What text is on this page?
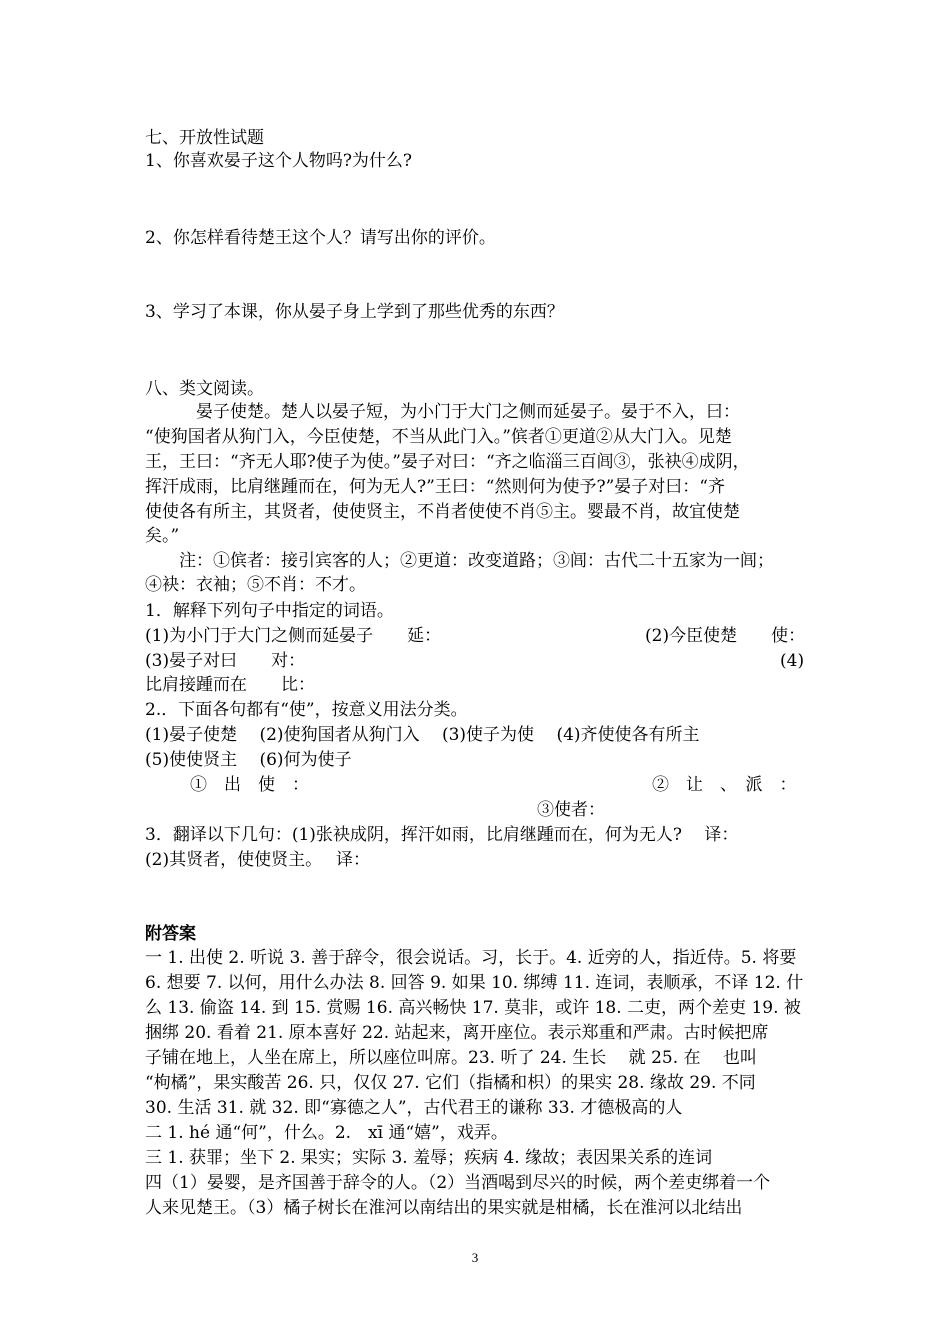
七、开放性试题
1、你喜欢晏子这个人物吗?为什么?
2、你怎样看待楚王这个人？请写出你的评价。
3、学习了本课，你从晏子身上学到了那些优秀的东西？
八、类文阅读。
　　　晏子使楚。楚人以晏子短，为小门于大门之侧而延晏子。晏于不入，曰：
“使狗国者从狗门入，今臣使楚，不当从此门入。”傧者①更道②从大门入。见楚
王，王曰：“齐无人耶?使子为使。”晏子对曰：“齐之临淄三百闾③，张袂④成阴，
挥汗成雨，比肩继踵而在，何为无人?”王曰：“然则何为使予?”晏子对曰：“齐
使使各有所主，其贤者，使使贤主，不肖者使使不肖⑤主。婴最不肖，故宜使楚
矣。”
　　注：①傧者：接引宾客的人；②更道：改变道路；③闾：古代二十五家为一闾；
④袂：衣袖；⑤不肖：不才。
1．解释下列句子中指定的词语。
(1)为小门于大门之侧而延晏子　　延：	(2)今臣使楚　　使：
(3)晏子对曰　　对：	(4)
比肩接踵而在　　比：
2.．下面各句都有“使”，按意义用法分类。
(1)晏子使楚　 (2)使狗国者从狗门入　 (3)使子为使　 (4)齐使使各有所主
(5)使使贤主　 (6)何为使子
①　出　使　：	②　让　、　派　：
③使者：
3．翻译以下几句：(1)张袂成阴，挥汗如雨，比肩继踵而在，何为无人?　 译：
(2)其贤者，使使贤主。　 译：
附答案
一 1. 出使 2. 听说 3. 善于辞令，很会说话。习，长于。4. 近旁的人，指近侍。5. 将要
6. 想要 7. 以何，用什么办法 8. 回答 9. 如果 10. 绑缚 11. 连词，表顺承，不译 12. 什
么 13. 偷盗 14. 到 15. 赏赐 16. 高兴畅快 17. 莫非，或许 18. 二吏，两个差吏 19. 被
捆绑 20. 看着 21. 原本喜好 22. 站起来，离开座位。表示郑重和严肃。古时候把席
子铺在地上，人坐在席上，所以座位叫席。23. 听了 24. 生长　 就 25. 在　 也叫
“枸橘”，果实酸苦 26. 只，仅仅 27. 它们（指橘和枳）的果实 28. 缘故 29. 不同
30. 生活 31. 就 32. 即“寡德之人”，古代君王的谦称 33. 才德极高的人
二 1. hé 通“何”，什么。2.　xī 通“嬉”，戏弄。
三 1. 获罪；坐下 2. 果实；实际 3. 羞辱；疾病 4. 缘故；表因果关系的连词
四（1）晏婴，是齐国善于辞令的人。（2）当酒喝到尽兴的时候，两个差吏绑着一个
人来见楚王。（3）橘子树长在淮河以南结出的果实就是柑橘，长在淮河以北结出
3
